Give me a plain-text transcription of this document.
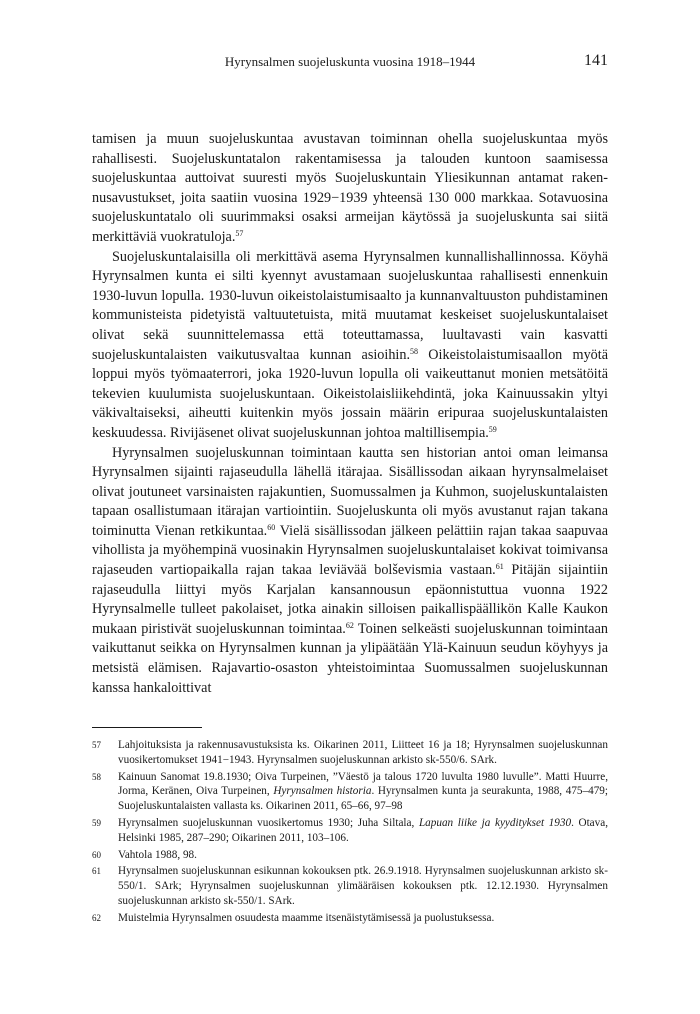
Hyrynsalmen suojeluskunta vuosina 1918–1944	141

tamisen ja muun suojeluskuntaa avustavan toiminnan ohella suojeluskuntaa myös rahallisesti. Suojeluskuntatalon rakentamisessa ja talouden kuntoon saamisessa suojeluskuntaa auttoivat suuresti myös Suojeluskuntain Yliesikunnan antamat rakennusavustukset, joita saatiin vuosina 1929−1939 yhteensä 130 000 markkaa. Sotavuosina suojeluskuntatalo oli suurimmaksi osaksi armeijan käytössä ja suojeluskunta sai siitä merkittäviä vuokratuloja.$^{57}$

Suojeluskuntalaisilla oli merkittävä asema Hyrynsalmen kunnallishallinnossa. Köyhä Hyrynsalmen kunta ei silti kyennyt avustamaan suojeluskuntaa rahallisesti ennenkuin 1930-luvun lopulla. 1930-luvun oikeistolaistumisaalto ja kunnanvaltuuston puhdistaminen kommunisteista pidetyistä valtuutetuista, mitä muutamat keskeiset suojeluskuntalaiset olivat sekä suunnittelemassa että toteuttamassa, luultavasti vain kasvatti suojeluskuntalaisten vaikutusvaltaa kunnan asioihin.$^{58}$ Oikeistolaistumisaallon myötä loppui myös työmaaterrori, joka 1920-luvun lopulla oli vaikeuttanut monien metsätöitä tekevien kuulumista suojeluskuntaan. Oikeistolaisliikehdintä, joka Kainuussakin yltyi väkivaltaiseksi, aiheutti kuitenkin myös jossain määrin eripuraa suojeluskuntalaisten keskuudessa. Rivijäsenet olivat suojeluskunnan johtoa maltillisempia.$^{59}$

Hyrynsalmen suojeluskunnan toimintaan kautta sen historian antoi oman leimansa Hyrynsalmen sijainti rajaseudulla lähellä itärajaa. Sisällissodan aikaan hyrynsalmelaiset olivat joutuneet varsinaisten rajakuntien, Suomussalmen ja Kuhmon, suojeluskuntalaisten tapaan osallistumaan itärajan vartiointiin. Suojeluskunta oli myös avustanut rajan takana toiminutta Vienan retkikuntaa.$^{60}$ Vielä sisällissodan jälkeen pelättiin rajan takaa saapuvaa vihollista ja myöhempinä vuosinakin Hyrynsalmen suojeluskuntalaiset kokivat toimivansa rajaseuden vartiopaikalla rajan takaa leviävää bolševismia vastaan.$^{61}$ Pitäjän sijaintiin rajaseudulla liittyi myös Karjalan kansannousun epäonnistuttua vuonna 1922 Hyrynsalmelle tulleet pakolaiset, jotka ainakin silloisen paikallispäällikön Kalle Kaukon mukaan piristivät suojeluskunnan toimintaa.$^{62}$ Toinen selkeästi suojeluskunnan toimintaan vaikuttanut seikka on Hyrynsalmen kunnan ja ylipäätään Ylä-Kainuun seudun köyhyys ja metsistä elämisen. Rajavartio-osaston yhteistoimintaa Suomussalmen suojeluskunnan kanssa hankaloittivat

57	Lahjoituksista ja rakennusavustuksista ks. Oikarinen 2011, Liitteet 16 ja 18; Hyrynsalmen suojeluskunnan vuosikertomukset 1941−1943. Hyrynsalmen suojeluskunnan arkisto sk-550/6. SArk.
58	Kainuun Sanomat 19.8.1930; Oiva Turpeinen, ”Väestö ja talous 1720 luvulta 1980 luvulle”. Matti Huurre, Jorma, Keränen, Oiva Turpeinen, Hyrynsalmen historia. Hyrynsalmen kunta ja seurakunta, 1988, 475–479; Suojeluskuntalaisten vallasta ks. Oikarinen 2011, 65–66, 97–98
59	Hyrynsalmen suojeluskunnan vuosikertomus 1930; Juha Siltala, Lapuan liike ja kyyditykset 1930. Otava, Helsinki 1985, 287–290; Oikarinen 2011, 103–106.
60	Vahtola 1988, 98.
61	Hyrynsalmen suojeluskunnan esikunnan kokouksen ptk. 26.9.1918. Hyrynsalmen suojeluskunnan arkisto sk-550/1. SArk; Hyrynsalmen suojeluskunnan ylimääräisen kokouksen ptk. 12.12.1930. Hyrynsalmen suojeluskunnan arkisto sk-550/1. SArk.
62	Muistelmia Hyrynsalmen osuudesta maamme itsenäistytämisessä ja puolustuksessa.
